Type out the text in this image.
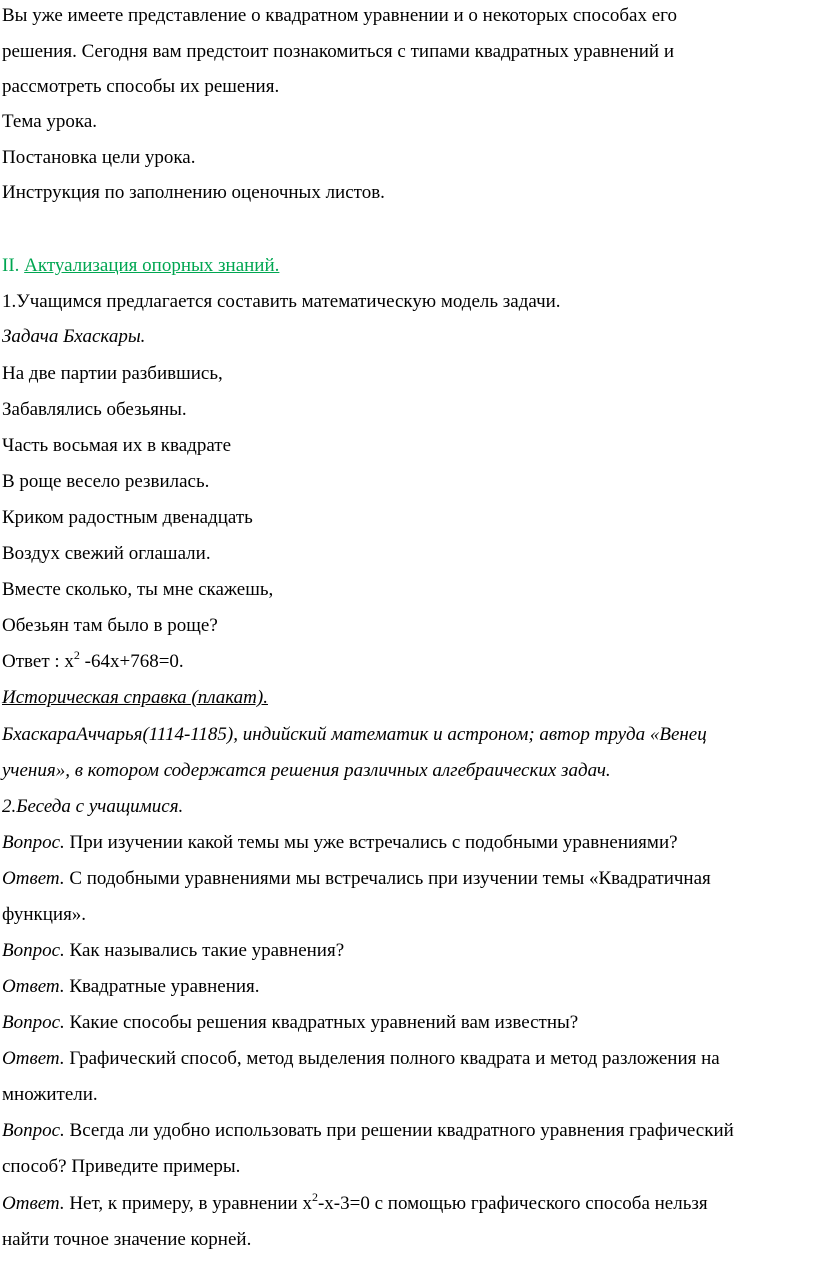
Вы уже имеете представление о квадратном уравнении и о некоторых способах его
решения. Сегодня вам предстоит познакомиться с типами квадратных уравнений и
рассмотреть способы их решения.
Тема урока.
Постановка цели урока.
Инструкция по заполнению оценочных листов.
II. Актуализация опорных знаний.
1.Учащимся предлагается составить математическую модель задачи.
Задача Бхаскары.
На две партии разбившись,
Забавлялись обезьяны.
Часть восьмая их в квадрате
В роще весело резвилась.
Криком радостным двенадцать
Воздух свежий оглашали.
Вместе сколько, ты мне скажешь,
Обезьян там было в роще?
Ответ : $x^2$ -64x+768=0.
Историческая справка (плакат).
БхаскараАччарья(1114-1185), индийский математик и астроном; автор труда «Венец
учения», в котором содержатся решения различных алгебраических задач.
2.Беседа с учащимися.
Вопрос. При изучении какой темы мы уже встречались с подобными уравнениями?
Ответ. С подобными уравнениями мы встречались при изучении темы «Квадратичная
функция».
Вопрос. Как назывались такие уравнения?
Ответ. Квадратные уравнения.
Вопрос. Какие способы решения квадратных уравнений вам известны?
Ответ. Графический способ, метод выделения полного квадрата и метод разложения на
множители.
Вопрос. Всегда ли удобно использовать при решении квадратного уравнения графический
способ? Приведите примеры.
Ответ. Нет, к примеру, в уравнении $x^2-x-3=0$ с помощью графического способа нельзя
найти точное значение корней.
